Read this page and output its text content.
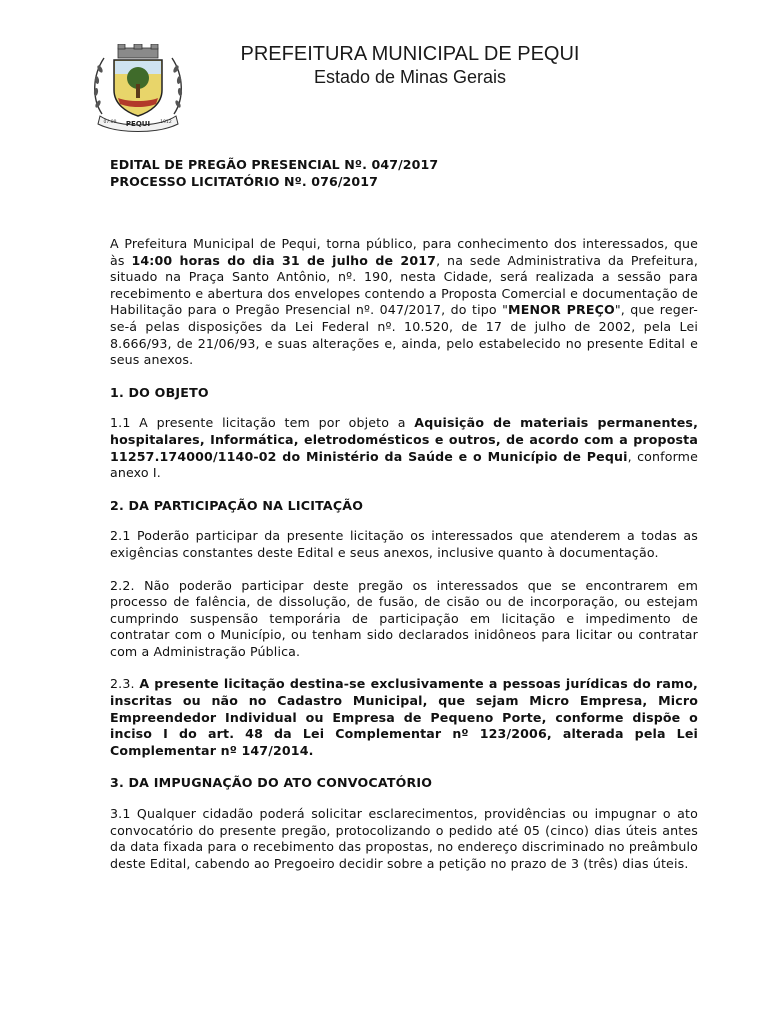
PEQUI
07.09	1912
PREFEITURA MUNICIPAL DE PEQUI
Estado de Minas Gerais
EDITAL DE PREGÃO PRESENCIAL Nº. 047/2017
PROCESSO LICITATÓRIO Nº. 076/2017

A Prefeitura Municipal de Pequi, torna público, para conhecimento dos interessados, que às 14:00 horas do dia 31 de julho de 2017, na sede Administrativa da Prefeitura, situado na Praça Santo Antônio, nº. 190, nesta Cidade, será realizada a sessão para recebimento e abertura dos envelopes contendo a Proposta Comercial e documentação de Habilitação para o Pregão Presencial nº. 047/2017, do tipo "MENOR PREÇO", que reger-se-á pelas disposições da Lei Federal nº. 10.520, de 17 de julho de 2002, pela Lei 8.666/93, de 21/06/93, e suas alterações e, ainda, pelo estabelecido no presente Edital e seus anexos.

1. DO OBJETO

1.1 A presente licitação tem por objeto a Aquisição de materiais permanentes, hospitalares, Informática, eletrodomésticos e outros, de acordo com a proposta 11257.174000/1140-02 do Ministério da Saúde e o Município de Pequi, conforme anexo I.

2. DA PARTICIPAÇÃO NA LICITAÇÃO

2.1 Poderão participar da presente licitação os interessados que atenderem a todas as exigências constantes deste Edital e seus anexos, inclusive quanto à documentação.

2.2. Não poderão participar deste pregão os interessados que se encontrarem em processo de falência, de dissolução, de fusão, de cisão ou de incorporação, ou estejam cumprindo suspensão temporária de participação em licitação e impedimento de contratar com o Município, ou tenham sido declarados inidôneos para licitar ou contratar com a Administração Pública.

2.3. A presente licitação destina-se exclusivamente a pessoas jurídicas do ramo, inscritas ou não no Cadastro Municipal, que sejam Micro Empresa, Micro Empreendedor Individual ou Empresa de Pequeno Porte, conforme dispõe o inciso I do art. 48 da Lei Complementar nº 123/2006, alterada pela Lei Complementar nº 147/2014.

3. DA IMPUGNAÇÃO DO ATO CONVOCATÓRIO

3.1 Qualquer cidadão poderá solicitar esclarecimentos, providências ou impugnar o ato convocatório do presente pregão, protocolizando o pedido até 05 (cinco) dias úteis antes da data fixada para o recebimento das propostas, no endereço discriminado no preâmbulo deste Edital, cabendo ao Pregoeiro decidir sobre a petição no prazo de 3 (três) dias úteis.
